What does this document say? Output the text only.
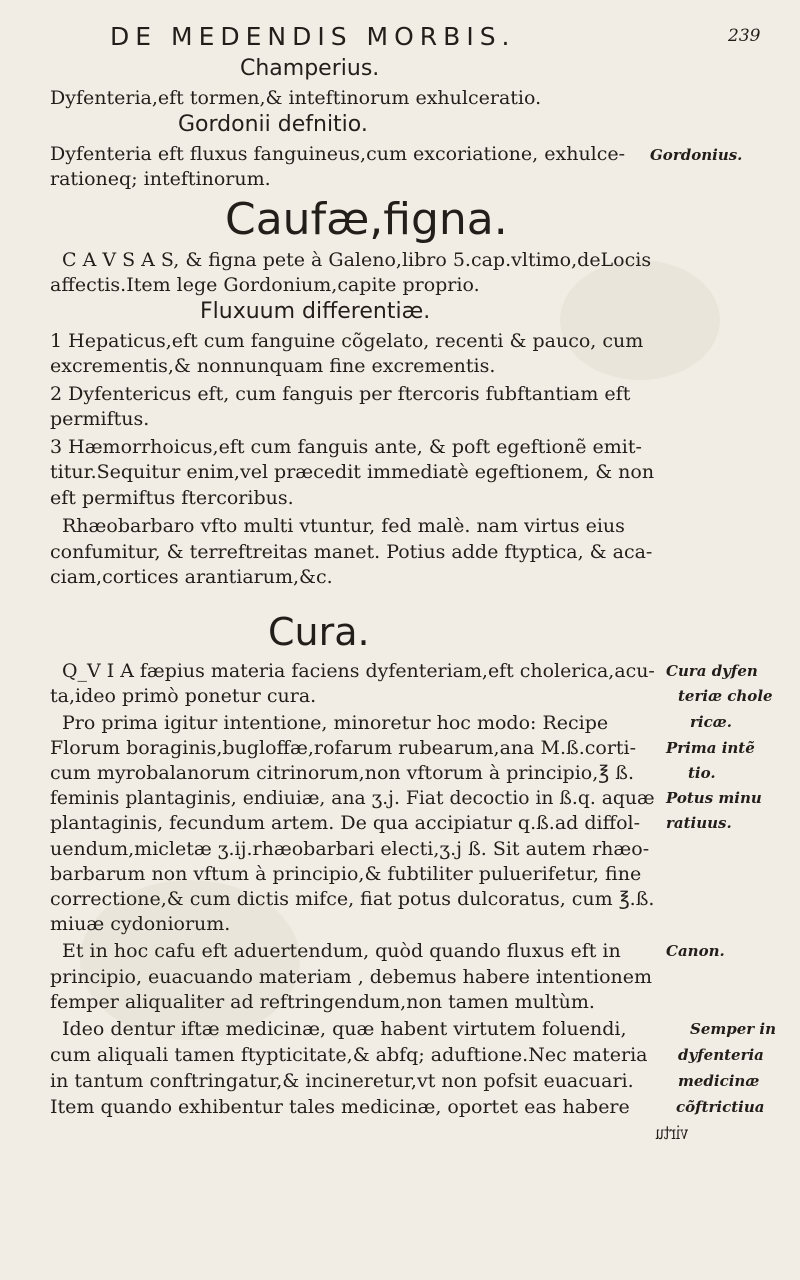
DE MEDENDIS MORBIS.	239
Champerius.
Dyfenteria,eft tormen,& inteftinorum exhulceratio.
Gordonii defnitio.
Dyfenteria eft fluxus fanguineus,cum excoriatione, exhulce-
rationeq; inteftinorum.
Caufæ,figna.
C A V S A S, & figna pete à Galeno,libro 5.cap.vltimo,deLocis
affectis.Item lege Gordonium,capite proprio.
Fluxuum differentiæ.
1 Hepaticus,eft cum fanguine cõgelato, recenti & pauco, cum
excrementis,& nonnunquam fine excrementis.
2 Dyfentericus eft, cum fanguis per ftercoris fubftantiam eft
permiftus.
3 Hæmorrhoicus,eft cum fanguis ante, & poft egeftionẽ emit-
titur.Sequitur enim,vel præcedit immediatè egeftionem, & non
eft permiftus ftercoribus.
Rhæobarbaro vfto multi vtuntur, fed malè. nam virtus eius
confumitur, & terreftreitas manet. Potius adde ftyptica, & aca-
ciam,cortices arantiarum,&c.
Cura.
Q_V I A fæpius materia faciens dyfenteriam,eft cholerica,acu-
ta,ideo primò ponetur cura.
Pro prima igitur intentione, minoretur hoc modo: Recipe
Florum boraginis,bugloffæ,rofarum rubearum,ana M.ß.corti-
cum myrobalanorum citrinorum,non vftorum à principio,℥ ß.
feminis plantaginis, endiuiæ, ana ʒ.j. Fiat decoctio in ß.q. aquæ
plantaginis, fecundum artem. De qua accipiatur q.ß.ad diffol-
uendum,micletæ ʒ.ij.rhæobarbari electi,ʒ.j ß. Sit autem rhæo-
barbarum non vftum à principio,& fubtiliter puluerifetur, fine
correctione,& cum dictis mifce, fiat potus dulcoratus, cum ℥.ß.
miuæ cydoniorum.
Et in hoc cafu eft aduertendum, quòd quando fluxus eft in
principio, euacuando materiam , debemus habere intentionem
femper aliqualiter ad reftringendum,non tamen multùm.
Ideo dentur iftæ medicinæ, quæ habent virtutem foluendi,
cum aliquali tamen ftypticitate,& abfq; aduftione.Nec materia
in tantum conftringatur,& incineretur,vt non pofsit euacuari.
Item quando exhibentur tales medicinæ, oportet eas habere
virtu
Gordonius.
Cura dyfen
teriæ chole
ricæ.
Prima intẽ
tio.
Potus minu
ratiuus.
Canon.
Semper in
dyfenteria
medicinæ
cõftrictiua
